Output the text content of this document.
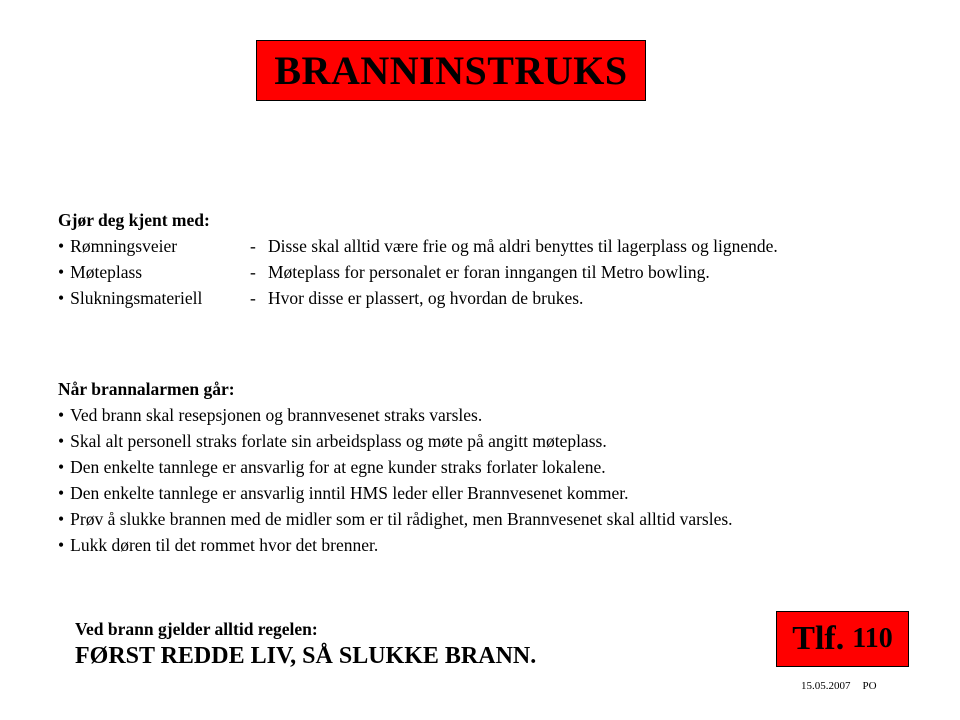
BRANNINSTRUKS
Gjør deg kjent med:
• Rømningsveier	- Disse skal alltid være frie og må aldri benyttes til lagerplass og lignende.
• Møteplass	- Møteplass for personalet er foran inngangen til Metro bowling.
• Slukningsmateriell	- Hvor disse er plassert, og hvordan de brukes.
Når brannalarmen går:
• Ved brann skal resepsjonen og brannvesenet straks varsles.
• Skal alt personell straks forlate sin arbeidsplass og møte på angitt møteplass.
• Den enkelte tannlege er ansvarlig for at egne kunder straks forlater lokalene.
• Den enkelte tannlege er ansvarlig inntil HMS leder eller Brannvesenet kommer.
• Prøv å slukke brannen med de midler som er til rådighet, men Brannvesenet skal alltid varsles.
• Lukk døren til det rommet hvor det brenner.
Ved brann gjelder alltid regelen:
FØRST REDDE LIV, SÅ SLUKKE BRANN.	Tlf. 110
15.05.2007 PO
